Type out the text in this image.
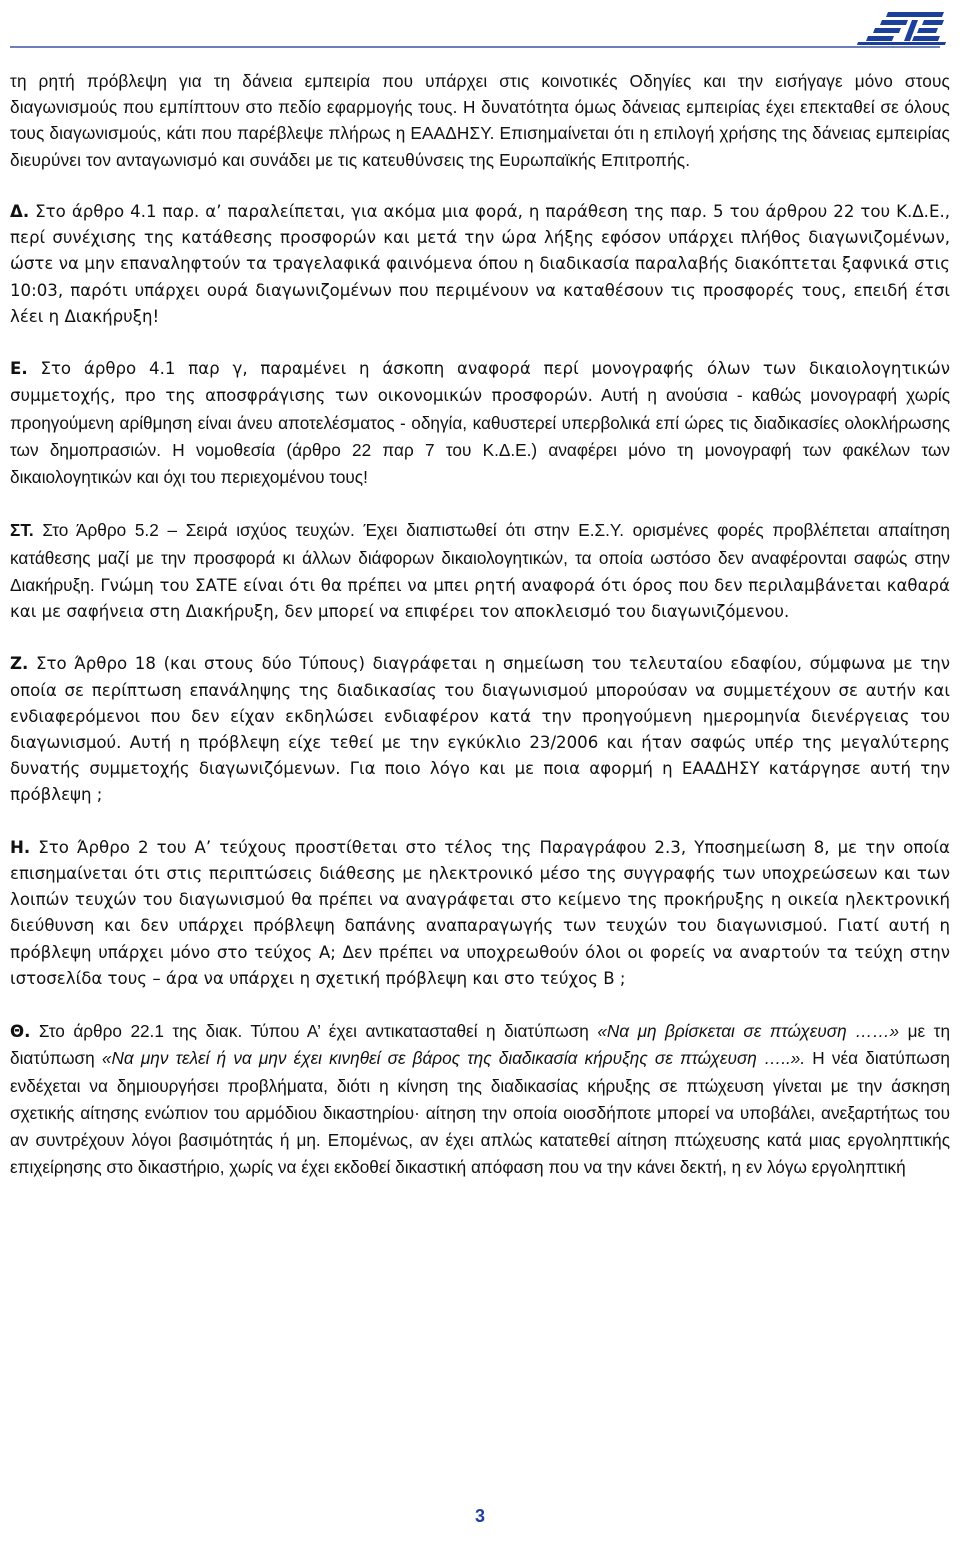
τη ρητή πρόβλεψη για τη δάνεια εμπειρία που υπάρχει στις κοινοτικές Οδηγίες και την εισήγαγε μόνο στους διαγωνισμούς που εμπίπτουν στο πεδίο εφαρμογής τους. Η δυνατότητα όμως δάνειας εμπειρίας έχει επεκταθεί σε όλους τους διαγωνισμούς, κάτι που παρέβλεψε πλήρως η ΕΑΑΔΗΣΥ. Επισημαίνεται ότι η επιλογή χρήσης της δάνειας εμπειρίας διευρύνει τον ανταγωνισμό και συνάδει με τις κατευθύνσεις της Ευρωπαϊκής Επιτροπής.

Δ. Στο άρθρο 4.1 παρ. α’ παραλείπεται, για ακόμα μια φορά, η παράθεση της παρ. 5 του άρθρου 22 του Κ.Δ.Ε., περί συνέχισης της κατάθεσης προσφορών και μετά την ώρα λήξης εφόσον υπάρχει πλήθος διαγωνιζομένων, ώστε να μην επαναληφτούν τα τραγελαφικά φαινόμενα όπου η διαδικασία παραλαβής διακόπτεται ξαφνικά στις 10:03, παρότι υπάρχει ουρά διαγωνιζομένων που περιμένουν να καταθέσουν τις προσφορές τους, επειδή έτσι λέει η Διακήρυξη!

Ε. Στο άρθρο 4.1 παρ γ, παραμένει η άσκοπη αναφορά περί μονογραφής όλων των δικαιολογητικών συμμετοχής, προ της αποσφράγισης των οικονομικών προσφορών. Αυτή η ανούσια - καθώς μονογραφή χωρίς προηγούμενη αρίθμηση είναι άνευ αποτελέσματος - οδηγία, καθυστερεί υπερβολικά επί ώρες τις διαδικασίες ολοκλήρωσης των δημοπρασιών. Η νομοθεσία (άρθρο 22 παρ 7 του Κ.Δ.Ε.) αναφέρει μόνο τη μονογραφή των φακέλων των δικαιολογητικών και όχι του περιεχομένου τους!

ΣΤ. Στο Άρθρο 5.2 – Σειρά ισχύος τευχών. Έχει διαπιστωθεί ότι στην Ε.Σ.Υ. ορισμένες φορές προβλέπεται απαίτηση κατάθεσης μαζί με την προσφορά κι άλλων διάφορων δικαιολογητικών, τα οποία ωστόσο δεν αναφέρονται σαφώς στην Διακήρυξη. Γνώμη του ΣΑΤΕ είναι ότι θα πρέπει να μπει ρητή αναφορά ότι όρος που δεν περιλαμβάνεται καθαρά και με σαφήνεια στη Διακήρυξη, δεν μπορεί να επιφέρει τον αποκλεισμό του διαγωνιζόμενου.

Ζ. Στο Άρθρο 18 (και στους δύο Τύπους) διαγράφεται η σημείωση του τελευταίου εδαφίου, σύμφωνα με την οποία σε περίπτωση επανάληψης της διαδικασίας του διαγωνισμού μπορούσαν να συμμετέχουν σε αυτήν και ενδιαφερόμενοι που δεν είχαν εκδηλώσει ενδιαφέρον κατά την προηγούμενη ημερομηνία διενέργειας του διαγωνισμού. Αυτή η πρόβλεψη είχε τεθεί με την εγκύκλιο 23/2006 και ήταν σαφώς υπέρ της μεγαλύτερης δυνατής συμμετοχής διαγωνιζόμενων. Για ποιο λόγο και με ποια αφορμή η ΕΑΑΔΗΣΥ κατάργησε αυτή την πρόβλεψη ;

Η. Στο Άρθρο 2 του Α’ τεύχους προστίθεται στο τέλος της Παραγράφου 2.3, Υποσημείωση 8, με την οποία επισημαίνεται ότι στις περιπτώσεις διάθεσης με ηλεκτρονικό μέσο της συγγραφής των υποχρεώσεων και των λοιπών τευχών του διαγωνισμού θα πρέπει να αναγράφεται στο κείμενο της προκήρυξης η οικεία ηλεκτρονική διεύθυνση και δεν υπάρχει πρόβλεψη δαπάνης αναπαραγωγής των τευχών του διαγωνισμού. Γιατί αυτή η πρόβλεψη υπάρχει μόνο στο τεύχος Α; Δεν πρέπει να υποχρεωθούν όλοι οι φορείς να αναρτούν τα τεύχη στην ιστοσελίδα τους – άρα να υπάρχει η σχετική πρόβλεψη και στο τεύχος Β ;

Θ. Στο άρθρο 22.1 της διακ. Τύπου Α’ έχει αντικατασταθεί η διατύπωση «Να μη βρίσκεται σε πτώχευση ……» με τη διατύπωση «Να μην τελεί ή να μην έχει κινηθεί σε βάρος της διαδικασία κήρυξης σε πτώχευση …..». Η νέα διατύπωση ενδέχεται να δημιουργήσει προβλήματα, διότι η κίνηση της διαδικασίας κήρυξης σε πτώχευση γίνεται με την άσκηση σχετικής αίτησης ενώπιον του αρμόδιου δικαστηρίου· αίτηση την οποία οιοσδήποτε μπορεί να υποβάλει, ανεξαρτήτως του αν συντρέχουν λόγοι βασιμότητάς ή μη. Επομένως, αν έχει απλώς κατατεθεί αίτηση πτώχευσης κατά μιας εργοληπτικής επιχείρησης στο δικαστήριο, χωρίς να έχει εκδοθεί δικαστική απόφαση που να την κάνει δεκτή, η εν λόγω εργοληπτική

3
